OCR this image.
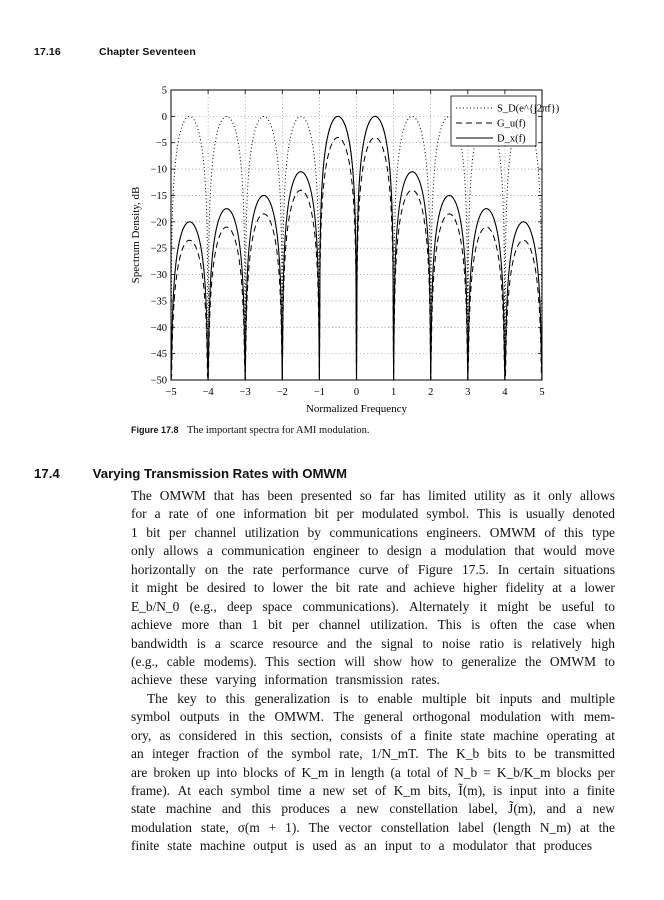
17.16	Chapter Seventeen
−5 −4 −3 −2 −1	0	1	2	3	4	5
5
0
−5
−10
−15
−20
−25
−30
−35
−40
−45
−50
Normalized Frequency
Spectrum Density, dB
S_D(e^{j2πf})
G_u(f)
D_x(f)
Figure 17.8 The important spectra for AMI modulation.
17.4	Varying Transmission Rates with OMWM
The OMWM that has been presented so far has limited utility as it only allows
for a rate of one information bit per modulated symbol. This is usually denoted
1 bit per channel utilization by communications engineers. OMWM of this type
only allows a communication engineer to design a modulation that would move
horizontally on the rate performance curve of Figure 17.5. In certain situations
it might be desired to lower the bit rate and achieve higher fidelity at a lower
E_b/N_0 (e.g., deep space communications). Alternately it might be useful to
achieve more than 1 bit per channel utilization. This is often the case when
bandwidth is a scarce resource and the signal to noise ratio is relatively high
(e.g., cable modems). This section will show how to generalize the OMWM to
achieve these varying information transmission rates.
The key to this generalization is to enable multiple bit inputs and multiple
symbol outputs in the OMWM. The general orthogonal modulation with mem-
ory, as considered in this section, consists of a finite state machine operating at
an integer fraction of the symbol rate, 1/N_mT. The K_b bits to be transmitted
are broken up into blocks of K_m in length (a total of N_b = K_b/K_m blocks per
frame). At each symbol time a new set of K_m bits, Ĩ(m), is input into a finite
state machine and this produces a new constellation label, J̃(m), and a new
modulation state, σ(m + 1). The vector constellation label (length N_m) at the
finite state machine output is used as an input to a modulator that produces
